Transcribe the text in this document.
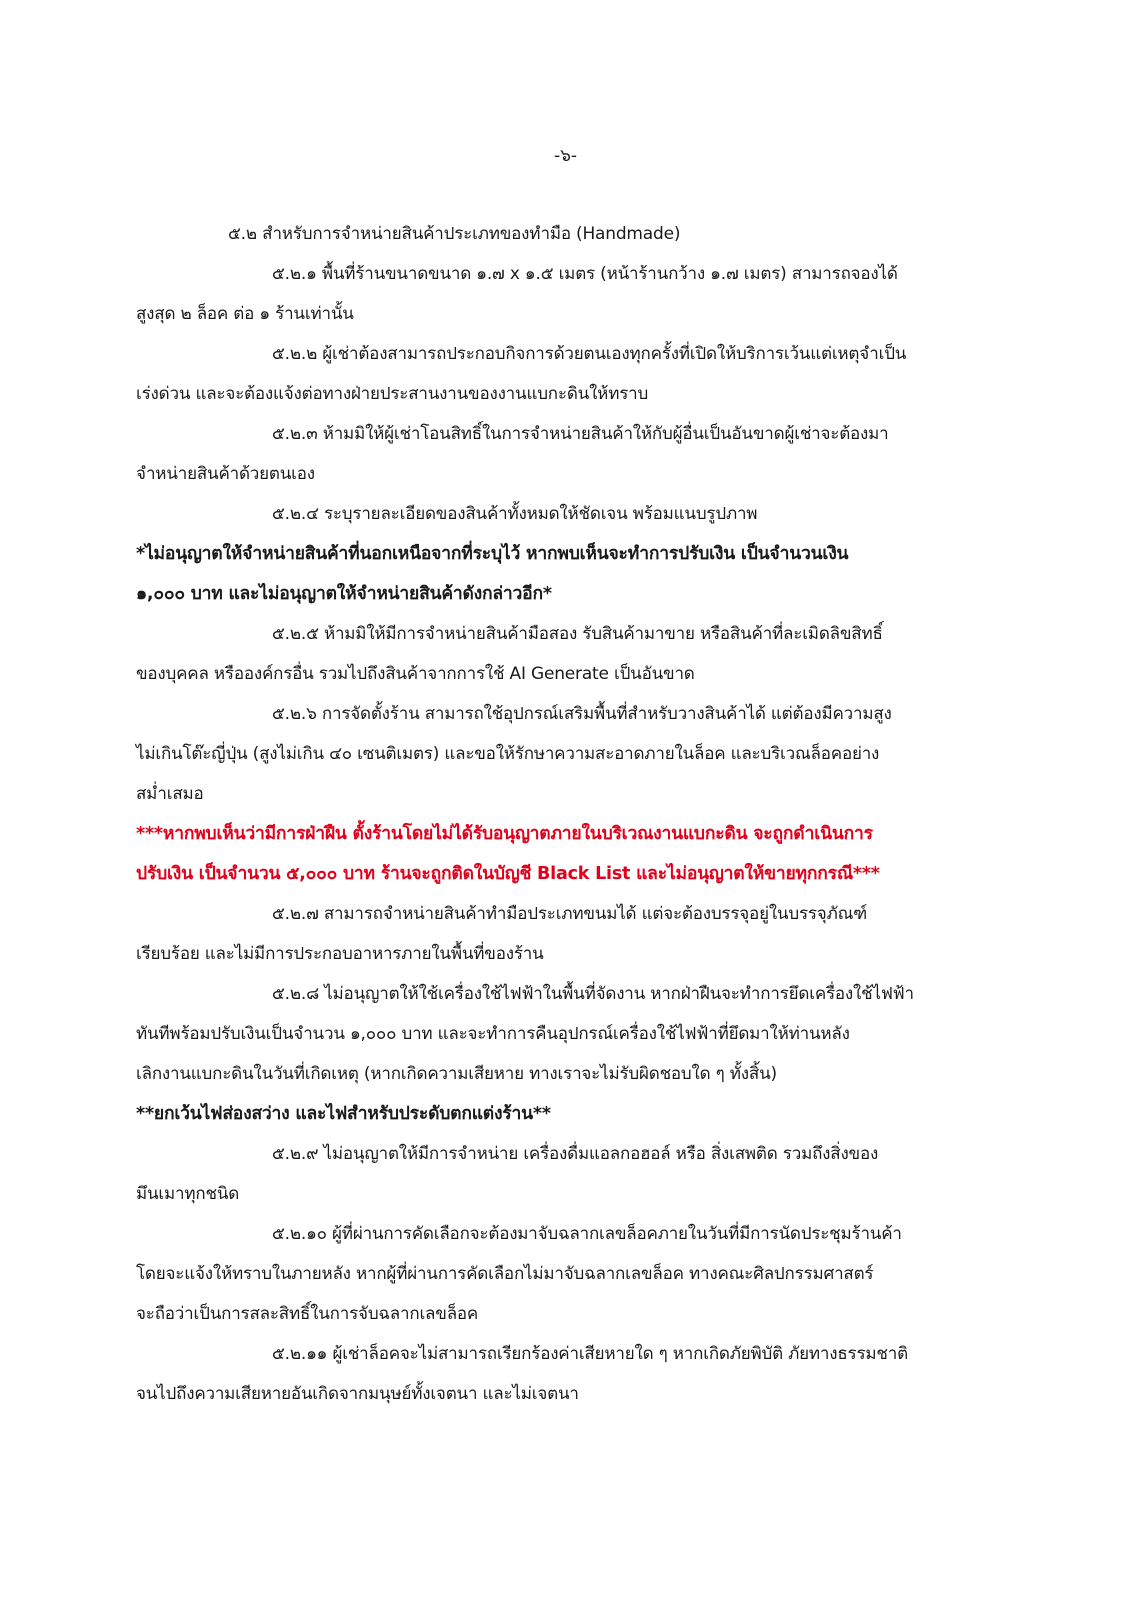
-๖-
๕.๒ สำหรับการจำหน่ายสินค้าประเภทของทำมือ (Handmade)
๕.๒.๑ พื้นที่ร้านขนาดขนาด ๑.๗ x ๑.๕ เมตร (หน้าร้านกว้าง ๑.๗ เมตร) สามารถจองได้
สูงสุด ๒ ล็อค ต่อ ๑ ร้านเท่านั้น
๕.๒.๒ ผู้เช่าต้องสามารถประกอบกิจการด้วยตนเองทุกครั้งที่เปิดให้บริการเว้นแต่เหตุจำเป็น
เร่งด่วน และจะต้องแจ้งต่อทางฝ่ายประสานงานของงานแบกะดินให้ทราบ
๕.๒.๓ ห้ามมิให้ผู้เช่าโอนสิทธิ์ในการจำหน่ายสินค้าให้กับผู้อื่นเป็นอันขาดผู้เช่าจะต้องมา
จำหน่ายสินค้าด้วยตนเอง
๕.๒.๔ ระบุรายละเอียดของสินค้าทั้งหมดให้ชัดเจน พร้อมแนบรูปภาพ
*ไม่อนุญาตให้จำหน่ายสินค้าที่นอกเหนือจากที่ระบุไว้ หากพบเห็นจะทำการปรับเงิน เป็นจำนวนเงิน
๑,๐๐๐ บาท และไม่อนุญาตให้จำหน่ายสินค้าดังกล่าวอีก*
๕.๒.๕ ห้ามมิให้มีการจำหน่ายสินค้ามือสอง รับสินค้ามาขาย หรือสินค้าที่ละเมิดลิขสิทธิ์
ของบุคคล หรือองค์กรอื่น รวมไปถึงสินค้าจากการใช้ AI Generate เป็นอันขาด
๕.๒.๖ การจัดตั้งร้าน สามารถใช้อุปกรณ์เสริมพื้นที่สำหรับวางสินค้าได้ แต่ต้องมีความสูง
ไม่เกินโต๊ะญี่ปุ่น (สูงไม่เกิน ๔๐ เซนติเมตร) และขอให้รักษาความสะอาดภายในล็อค และบริเวณล็อคอย่าง
สม่ำเสมอ
***หากพบเห็นว่ามีการฝ่าฝืน ตั้งร้านโดยไม่ได้รับอนุญาตภายในบริเวณงานแบกะดิน จะถูกดำเนินการ
ปรับเงิน เป็นจำนวน ๕,๐๐๐ บาท ร้านจะถูกติดในบัญชี Black List และไม่อนุญาตให้ขายทุกกรณี***
๕.๒.๗ สามารถจำหน่ายสินค้าทำมือประเภทขนมได้ แต่จะต้องบรรจุอยู่ในบรรจุภัณฑ์
เรียบร้อย และไม่มีการประกอบอาหารภายในพื้นที่ของร้าน
๕.๒.๘ ไม่อนุญาตให้ใช้เครื่องใช้ไฟฟ้าในพื้นที่จัดงาน หากฝ่าฝืนจะทำการยึดเครื่องใช้ไฟฟ้า
ทันทีพร้อมปรับเงินเป็นจำนวน ๑,๐๐๐ บาท และจะทำการคืนอุปกรณ์เครื่องใช้ไฟฟ้าที่ยึดมาให้ท่านหลัง
เลิกงานแบกะดินในวันที่เกิดเหตุ (หากเกิดความเสียหาย ทางเราจะไม่รับผิดชอบใด ๆ ทั้งสิ้น)
**ยกเว้นไฟส่องสว่าง และไฟสำหรับประดับตกแต่งร้าน**
๕.๒.๙ ไม่อนุญาตให้มีการจำหน่าย เครื่องดื่มแอลกอฮอล์ หรือ สิ่งเสพติด รวมถึงสิ่งของ
มึนเมาทุกชนิด
๕.๒.๑๐ ผู้ที่ผ่านการคัดเลือกจะต้องมาจับฉลากเลขล็อคภายในวันที่มีการนัดประชุมร้านค้า
โดยจะแจ้งให้ทราบในภายหลัง หากผู้ที่ผ่านการคัดเลือกไม่มาจับฉลากเลขล็อค ทางคณะศิลปกรรมศาสตร์
จะถือว่าเป็นการสละสิทธิ์ในการจับฉลากเลขล็อค
๕.๒.๑๑ ผู้เช่าล็อคจะไม่สามารถเรียกร้องค่าเสียหายใด ๆ หากเกิดภัยพิบัติ ภัยทางธรรมชาติ
จนไปถึงความเสียหายอันเกิดจากมนุษย์ทั้งเจตนา และไม่เจตนา
